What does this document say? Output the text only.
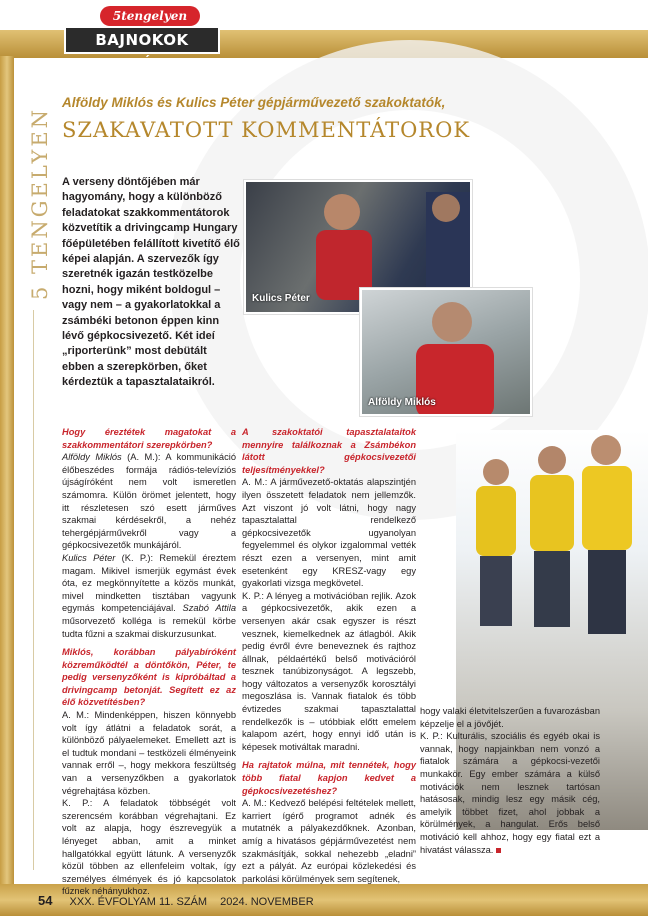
5tengelyen
BAJNOKOK LIGÁJA
5 TENGELYEN
Alföldy Miklós és Kulics Péter gépjárművezető szakoktatók,
SZAKAVATOTT KOMMENTÁTOROK
A verseny döntőjében már hagyomány, hogy a különböző feladatokat szakkommentátorok közvetítik a drivingcamp Hungary főépületében felállított kivetítő élő képei alapján. A szervezők így szeretnék igazán testközelbe hozni, hogy miként boldogul – vagy nem – a gyakorlatokkal a zsámbéki betonon éppen kinn lévő gépkocsivezető. Két ideí „riporterünk” most debütált ebben a szerepkörben, őket kérdeztük a tapasztalataikról.
Kulics Péter
Alföldy Miklós

Hogy éreztétek magatokat a szakkommentátori szerepkörben?

Alföldy Miklós (A. M.): A kommunikáció élőbeszédes formája rádiós-televíziós újságíróként nem volt ismeretlen számomra. Külön örömet jelentett, hogy itt részletesen szó esett járműves szakmai kérdésekről, a nehéz tehergépjárművekről vagy a gépkocsivezetők munkájáról.

Kulics Péter (K. P.): Remekül éreztem magam. Mikivel ismerjük egymást évek óta, ez megkönnyítette a közös munkát, mivel mindketten tisztában vagyunk egymás kompetenciájával. Szabó Attila műsorvezető kolléga is remekül körbe tudta fűzni a szakmai diskurzusunkat.

Miklós, korábban pályabíróként közreműködtél a döntőkön, Péter, te pedig versenyzőként is kipróbáltad a drivingcamp betonját. Segített ez az élő közvetítésben?

A. M.: Mindenképpen, hiszen könnyebb volt így átlátni a feladatok sorát, a különböző pályaelemeket. Emellett azt is el tudtuk mondani – testközeli élményeink vannak erről –, hogy mekkora feszültség van a versenyzőkben a gyakorlatok végrehajtása közben.

K. P.: A feladatok többségét volt szerencsém korábban végrehajtani. Ez volt az alapja, hogy észrevegyük a lényeget abban, amit a minket hallgatókkal együtt látunk. A versenyzők közül többen az ellenfeleim voltak, így személyes élmények és jó kapcsolatok fűznek néhányukhoz.

A szakoktatói tapasztalataitok mennyire találkoznak a Zsámbékon látott gépkocsivezetői teljesítményekkel?

A. M.: A járművezető-oktatás alapszintjén ilyen összetett feladatok nem jellemzők. Azt viszont jó volt látni, hogy nagy tapasztalattal rendelkező gépkocsivezetők ugyanolyan fegyelemmel és olykor izgalommal vették részt ezen a versenyen, mint amit esetenként egy KRESZ-vagy egy gyakorlati vizsga megkövetel.

K. P.: A lényeg a motivációban rejlik. Azok a gépkocsivezetők, akik ezen a versenyen akár csak egyszer is részt vesznek, kiemelkednek az átlagból. Akik pedig évről évre beneveznek és rajthoz állnak, példaértékű belső motivációról tesznek tanúbizonyságot. A legszebb, hogy változatos a versenyzők korosztályi megoszlása is. Vannak fiatalok és több évtizedes szakmai tapasztalattal rendelkezők is – utóbbiak előtt emelem kalapom azért, hogy ennyi idő után is képesek motiváltak maradni.

Ha rajtatok múlna, mit tennétek, hogy több fiatal kapjon kedvet a gépkocsivezetéshez?

A. M.: Kedvező belépési feltételek mellett, karriert ígérő programot adnék és mutatnék a pályakezdőknek. Azonban, amíg a hivatásos gépjárművezetést nem szakmásítják, sokkal nehezebb „eladni” ezt a pályát. Az európai közlekedési és parkolási körülmények sem segítenek,

hogy valaki életvitelszerűen a fuvarozásban képzelje el a jövőjét.

K. P.: Kulturális, szociális és egyéb okai is vannak, hogy napjainkban nem vonzó a fiatalok számára a gépkocsi-vezetői munkakör. Egy ember számára a külső motivációk nem lesznek tartósan hatásosak, mindig lesz egy másik cég, amelyik többet fizet, ahol jobbak a körülmények, a hangulat. Erős belső motiváció kell ahhoz, hogy egy fiatal ezt a hivatást válassza.

54 XXX. ÉVFOLYAM 11. SZÁM 2024. NOVEMBER
